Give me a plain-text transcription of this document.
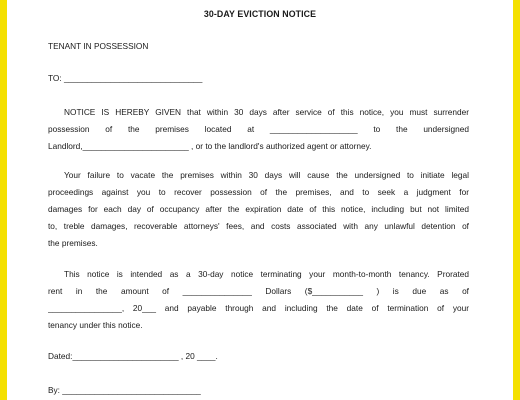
30-DAY EVICTION NOTICE
TENANT IN POSSESSION
TO: ______________________________
NOTICE IS HEREBY GIVEN that within 30 days after service of this notice, you must surrender
possession of the premises located at ___________________ to the undersigned
Landlord,_______________________ , or to the landlord's authorized agent or attorney.
Your failure to vacate the premises within 30 days will cause the undersigned to initiate legal
proceedings against you to recover possession of the premises, and to seek a judgment for
damages for each day of occupancy after the expiration date of this notice, including but not limited
to, treble damages, recoverable attorneys' fees, and costs associated with any unlawful detention of
the premises.
This notice is intended as a 30-day notice terminating your month-to-month tenancy. Prorated
rent in the amount of _______________ Dollars ($___________ ) is due as of
________________, 20___ and payable through and including the date of termination of your
tenancy under this notice.
Dated:_______________________ , 20 ____.
By: ______________________________
